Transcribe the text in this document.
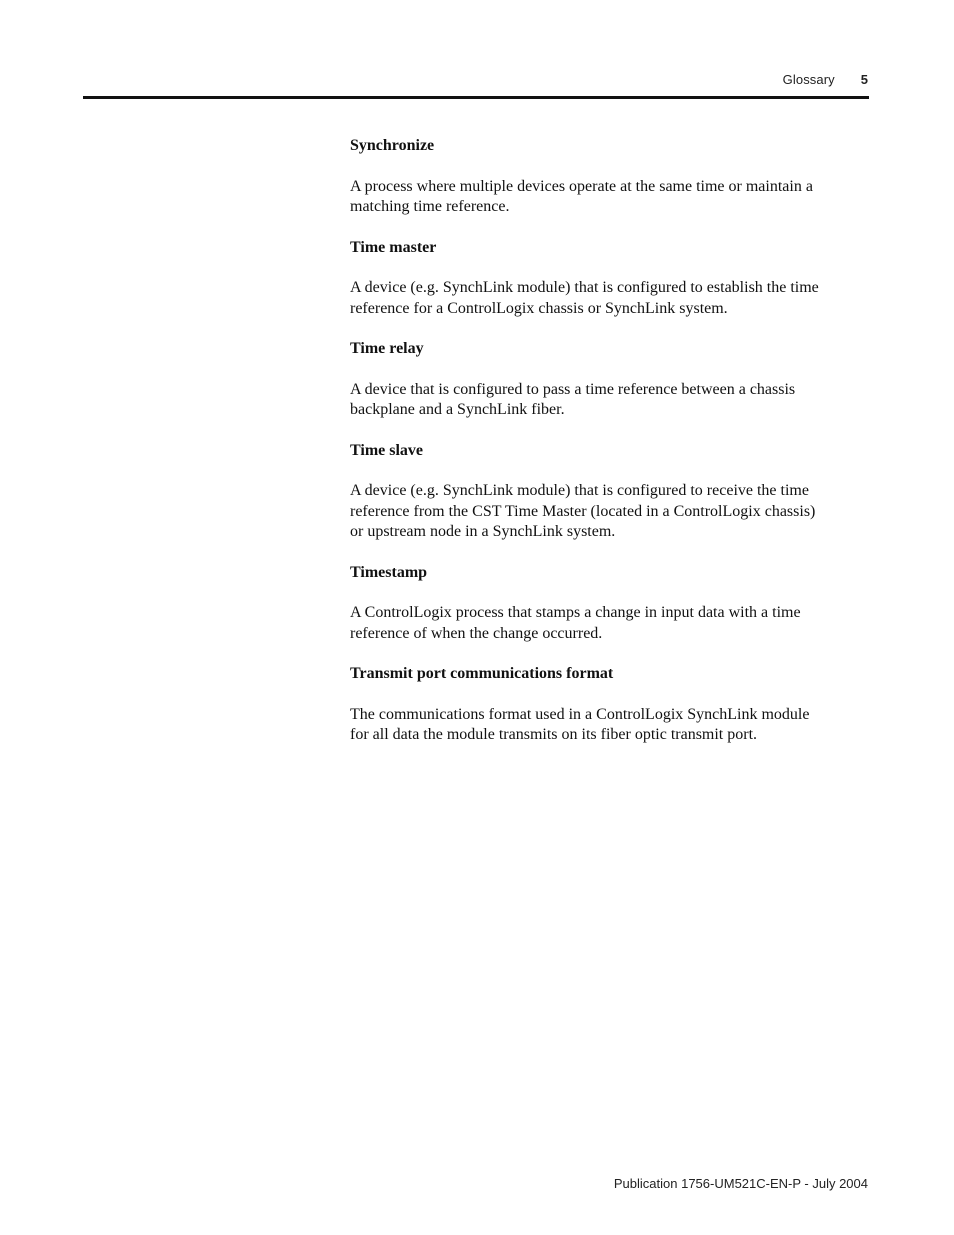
Glossary 5
Synchronize
A process where multiple devices operate at the same time or maintain a matching time reference.
Time master
A device (e.g. SynchLink module) that is configured to establish the time reference for a ControlLogix chassis or SynchLink system.
Time relay
A device that is configured to pass a time reference between a chassis backplane and a SynchLink fiber.
Time slave
A device (e.g. SynchLink module) that is configured to receive the time reference from the CST Time Master (located in a ControlLogix chassis) or upstream node in a SynchLink system.
Timestamp
A ControlLogix process that stamps a change in input data with a time reference of when the change occurred.
Transmit port communications format
The communications format used in a ControlLogix SynchLink module for all data the module transmits on its fiber optic transmit port.
Publication 1756-UM521C-EN-P - July 2004
